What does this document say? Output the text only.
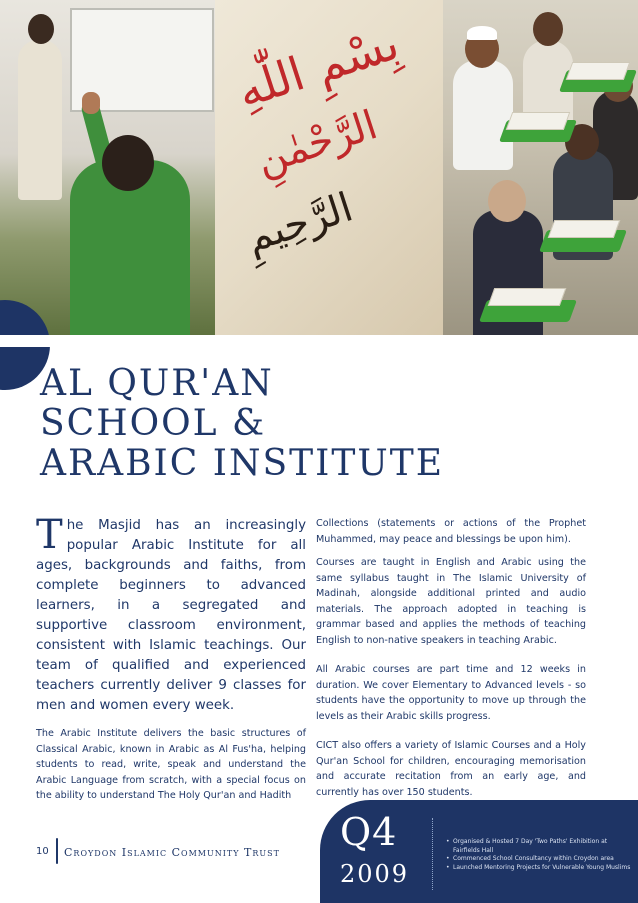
بِسْمِ اللّٰهِ
الرَّحْمٰنِ
الرَّحِيمِ
AL QUR'AN
SCHOOL &
ARABIC INSTITUTE

The Masjid has an increasingly popular Arabic Institute for all ages, backgrounds and faiths, from complete beginners to advanced learners, in a segregated and supportive classroom environment, consistent with Islamic teachings. Our team of qualified and experienced teachers currently deliver 9 classes for men and women every week.

The Arabic Institute delivers the basic structures of Classical Arabic, known in Arabic as Al Fus'ha, helping students to read, write, speak and understand the Arabic Language from scratch, with a special focus on the ability to understand The Holy Qur'an and Hadith

Collections (statements or actions of the Prophet Muhammed, may peace and blessings be upon him).

Courses are taught in English and Arabic using the same syllabus taught in The Islamic University of Madinah, alongside additional printed and audio materials. The approach adopted in teaching is grammar based and applies the methods of teaching English to non-native speakers in teaching Arabic.

All Arabic courses are part time and 12 weeks in duration. We cover Elementary to Advanced levels - so students have the opportunity to move up through the levels as their Arabic skills progress.

CICT also offers a variety of Islamic Courses and a Holy Qur'an School for children, encouraging memorisation and accurate recitation from an early age, and currently has over 150 students.

10 Croydon Islamic Community Trust Q4
2009
• Organised & Hosted 7 Day 'Two Paths' Exhibition at Fairfields Hall
• Commenced School Consultancy within Croydon area
• Launched Mentoring Projects for Vulnerable Young Muslims
